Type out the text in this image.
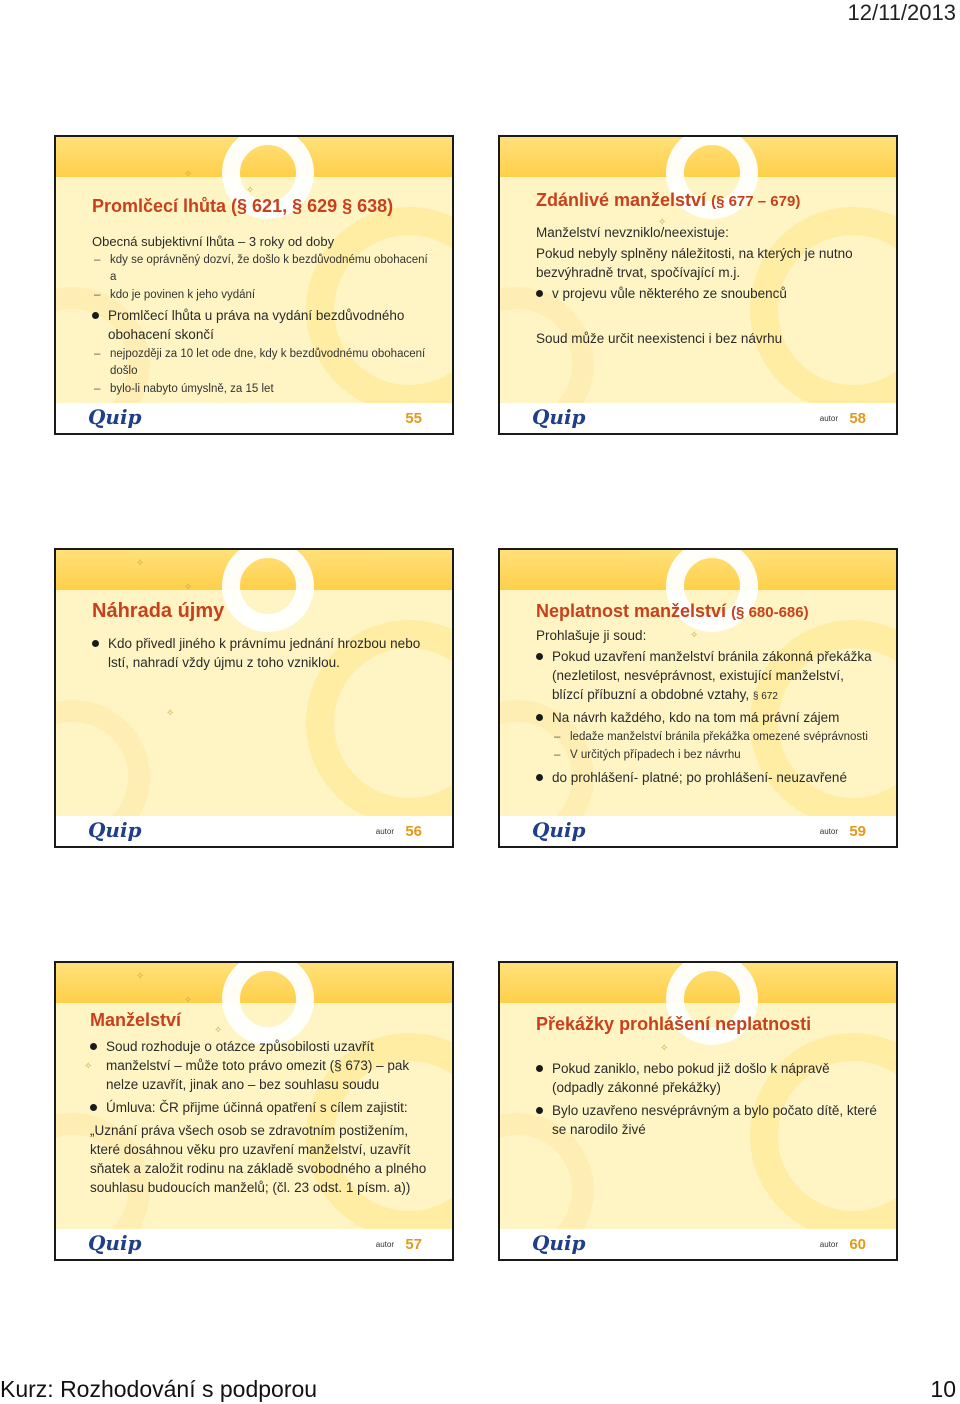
12/11/2013
✧
✧

Promlčecí lhůta (§ 621, § 629 § 638)

Obecná subjektivní lhůta – 3 roky od doby

– kdy se oprávněný dozví, že došlo k bezdůvodnému obohacení a
– kdo je povinen k jeho vydání
Promlčecí lhůta u práva na vydání bezdůvodného obohacení skončí
– nejpozději za 10 let ode dne, kdy k bezdůvodnému obohacení došlo
– bylo-li nabyto úmyslně, za 15 let
Quip	55
✧

Zdánlivé manželství (§ 677 – 679)

Manželství nevzniklo/neexistuje:

Pokud nebyly splněny náležitosti, na kterých je nutno bezvýhradně trvat, spočívající m.j.

v projevu vůle některého ze snoubenců

Soud může určit neexistenci i bez návrhu

Quip	autor 58
✧
✧
✧

Náhrada újmy

Kdo přivedl jiného k právnímu jednání hrozbou nebo lstí, nahradí vždy újmu z toho vzniklou.
Quip	autor 56
✧

Neplatnost manželství (§ 680-686)

Prohlašuje ji soud:

Pokud uzavření manželství bránila zákonná překážka (nezletilost, nesvéprávnost, existující manželství, blízcí příbuzní a obdobné vztahy, § 672
Na návrh každého, kdo na tom má právní zájem
– ledaže manželství bránila překážka omezené svéprávnosti
– V určitých případech i bez návrhu
do prohlášení- platné; po prohlášení- neuzavřené
Quip	autor 59
✧
✧
✧
✧

Manželství

Soud rozhoduje o otázce způsobilosti uzavřít manželství – může toto právo omezit (§ 673) – pak nelze uzavřít, jinak ano – bez souhlasu soudu
Úmluva: ČR přijme účinná opatření s cílem zajistit:

„Uznání práva všech osob se zdravotním postižením, které dosáhnou věku pro uzavření manželství, uzavřít sňatek a založit rodinu na základě svobodného a plného souhlasu budoucích manželů; (čl. 23 odst. 1 písm. a))

Quip	autor 57
✧

Překážky prohlášení neplatnosti

Pokud zaniklo, nebo pokud již došlo k nápravě (odpadly zákonné překážky)
Bylo uzavřeno nesvéprávným a bylo počato dítě, které se narodilo živé
Quip	autor 60
Kurz: Rozhodování s podporou	10
